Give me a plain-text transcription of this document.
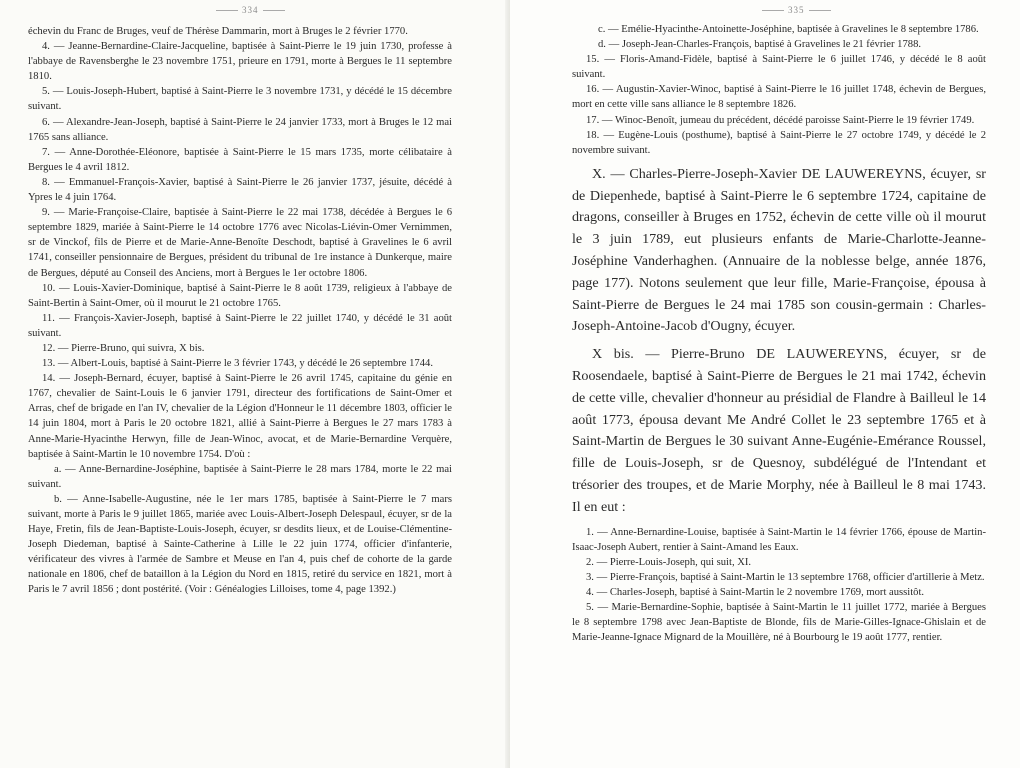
334

échevin du Franc de Bruges, veuf de Thérèse Dammarin, mort à Bruges le 2 février 1770.

4. — Jeanne-Bernardine-Claire-Jacqueline, baptisée à Saint-Pierre le 19 juin 1730, professe à l'abbaye de Ravensberghe le 23 novembre 1751, prieure en 1791, morte à Bergues le 11 septembre 1810.

5. — Louis-Joseph-Hubert, baptisé à Saint-Pierre le 3 novembre 1731, y décédé le 15 décembre suivant.

6. — Alexandre-Jean-Joseph, baptisé à Saint-Pierre le 24 janvier 1733, mort à Bruges le 12 mai 1765 sans alliance.

7. — Anne-Dorothée-Eléonore, baptisée à Saint-Pierre le 15 mars 1735, morte célibataire à Bergues le 4 avril 1812.

8. — Emmanuel-François-Xavier, baptisé à Saint-Pierre le 26 janvier 1737, jésuite, décédé à Ypres le 4 juin 1764.

9. — Marie-Françoise-Claire, baptisée à Saint-Pierre le 22 mai 1738, décédée à Bergues le 6 septembre 1829, mariée à Saint-Pierre le 14 octobre 1776 avec Nicolas-Liévin-Omer Vernimmen, sr de Vinckof, fils de Pierre et de Marie-Anne-Benoîte Deschodt, baptisé à Gravelines le 6 avril 1741, conseiller pensionnaire de Bergues, président du tribunal de 1re instance à Dunkerque, maire de Bergues, député au Conseil des Anciens, mort à Bergues le 1er octobre 1806.

10. — Louis-Xavier-Dominique, baptisé à Saint-Pierre le 8 août 1739, religieux à l'abbaye de Saint-Bertin à Saint-Omer, où il mourut le 21 octobre 1765.

11. — François-Xavier-Joseph, baptisé à Saint-Pierre le 22 juillet 1740, y décédé le 31 août suivant.

12. — Pierre-Bruno, qui suivra, X bis.

13. — Albert-Louis, baptisé à Saint-Pierre le 3 février 1743, y décédé le 26 septembre 1744.

14. — Joseph-Bernard, écuyer, baptisé à Saint-Pierre le 26 avril 1745, capitaine du génie en 1767, chevalier de Saint-Louis le 6 janvier 1791, directeur des fortifications de Saint-Omer et Arras, chef de brigade en l'an IV, chevalier de la Légion d'Honneur le 11 décembre 1803, officier le 14 juin 1804, mort à Paris le 20 octobre 1821, allié à Saint-Pierre à Bergues le 27 mars 1783 à Anne-Marie-Hyacinthe Herwyn, fille de Jean-Winoc, avocat, et de Marie-Bernardine Verquère, baptisée à Saint-Martin le 10 novembre 1754. D'où :

a. — Anne-Bernardine-Joséphine, baptisée à Saint-Pierre le 28 mars 1784, morte le 22 mai suivant.

b. — Anne-Isabelle-Augustine, née le 1er mars 1785, baptisée à Saint-Pierre le 7 mars suivant, morte à Paris le 9 juillet 1865, mariée avec Louis-Albert-Joseph Delespaul, écuyer, sr de la Haye, Fretin, fils de Jean-Baptiste-Louis-Joseph, écuyer, sr desdits lieux, et de Louise-Clémentine-Joseph Diedeman, baptisé à Sainte-Catherine à Lille le 22 juin 1774, officier d'infanterie, vérificateur des vivres à l'armée de Sambre et Meuse en l'an 4, puis chef de cohorte de la garde nationale en 1806, chef de bataillon à la Légion du Nord en 1815, retiré du service en 1821, mort à Paris le 7 avril 1856 ; dont postérité. (Voir : Généalogies Lilloises, tome 4, page 1392.)

335

c. — Emélie-Hyacinthe-Antoinette-Joséphine, baptisée à Gravelines le 8 septembre 1786.

d. — Joseph-Jean-Charles-François, baptisé à Gravelines le 21 février 1788.

15. — Floris-Amand-Fidèle, baptisé à Saint-Pierre le 6 juillet 1746, y décédé le 8 août suivant.

16. — Augustin-Xavier-Winoc, baptisé à Saint-Pierre le 16 juillet 1748, échevin de Bergues, mort en cette ville sans alliance le 8 septembre 1826.

17. — Winoc-Benoît, jumeau du précédent, décédé paroisse Saint-Pierre le 19 février 1749.

18. — Eugène-Louis (posthume), baptisé à Saint-Pierre le 27 octobre 1749, y décédé le 2 novembre suivant.

X. — Charles-Pierre-Joseph-Xavier DE LAUWEREYNS, écuyer, sr de Diepenhede, baptisé à Saint-Pierre le 6 septembre 1724, capitaine de dragons, conseiller à Bruges en 1752, échevin de cette ville où il mourut le 3 juin 1789, eut plusieurs enfants de Marie-Charlotte-Jeanne-Joséphine Vanderhaghen. (Annuaire de la noblesse belge, année 1876, page 177). Notons seulement que leur fille, Marie-Françoise, épousa à Saint-Pierre de Bergues le 24 mai 1785 son cousin-germain : Charles-Joseph-Antoine-Jacob d'Ougny, écuyer.

X bis. — Pierre-Bruno DE LAUWEREYNS, écuyer, sr de Roosendaele, baptisé à Saint-Pierre de Bergues le 21 mai 1742, échevin de cette ville, chevalier d'honneur au présidial de Flandre à Bailleul le 14 août 1773, épousa devant Me André Collet le 23 septembre 1765 et à Saint-Martin de Bergues le 30 suivant Anne-Eugénie-Emérance Roussel, fille de Louis-Joseph, sr de Quesnoy, subdélégué de l'Intendant et trésorier des troupes, et de Marie Morphy, née à Bailleul le 8 mai 1743. Il en eut :

1. — Anne-Bernardine-Louise, baptisée à Saint-Martin le 14 février 1766, épouse de Martin-Isaac-Joseph Aubert, rentier à Saint-Amand les Eaux.

2. — Pierre-Louis-Joseph, qui suit, XI.

3. — Pierre-François, baptisé à Saint-Martin le 13 septembre 1768, officier d'artillerie à Metz.

4. — Charles-Joseph, baptisé à Saint-Martin le 2 novembre 1769, mort aussitôt.

5. — Marie-Bernardine-Sophie, baptisée à Saint-Martin le 11 juillet 1772, mariée à Bergues le 8 septembre 1798 avec Jean-Baptiste de Blonde, fils de Marie-Gilles-Ignace-Ghislain et de Marie-Jeanne-Ignace Mignard de la Mouillère, né à Bourbourg le 19 août 1777, rentier.
